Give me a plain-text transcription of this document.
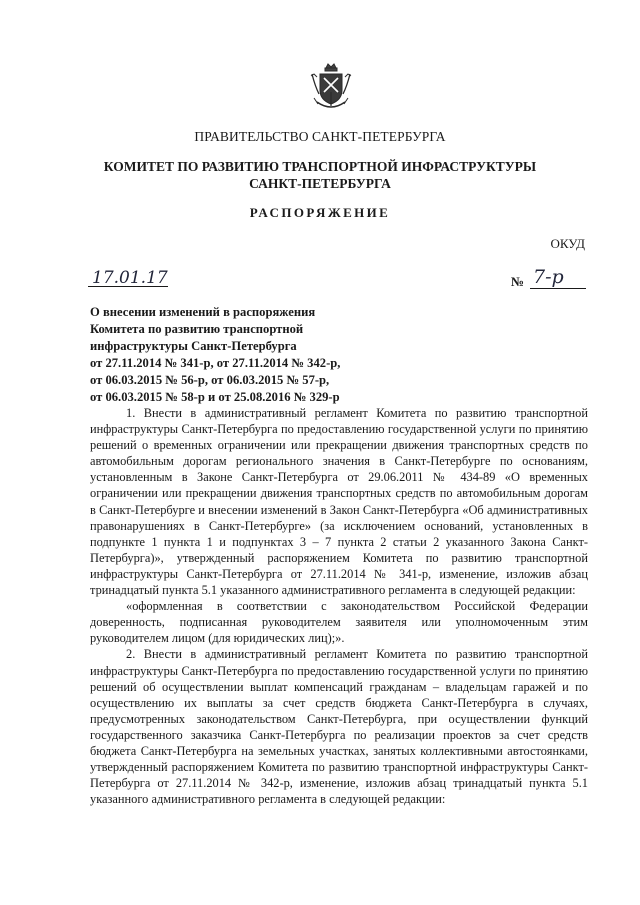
ПРАВИТЕЛЬСТВО САНКТ-ПЕТЕРБУРГА
КОМИТЕТ ПО РАЗВИТИЮ ТРАНСПОРТНОЙ ИНФРАСТРУКТУРЫ
САНКТ-ПЕТЕРБУРГА
РАСПОРЯЖЕНИЕ
ОКУД
17.01.17	№ 7-р
О внесении изменений в распоряжения
Комитета по развитию транспортной
инфраструктуры Санкт-Петербурга
от 27.11.2014 № 341-р, от 27.11.2014 № 342-р,
от 06.03.2015 № 56-р, от 06.03.2015 № 57-р,
от 06.03.2015 № 58-р и от 25.08.2016 № 329-р

1. Внести в административный регламент Комитета по развитию транспортной инфраструктуры Санкт-Петербурга по предоставлению государственной услуги по принятию решений о временных ограничении или прекращении движения транспортных средств по автомобильным дорогам регионального значения в Санкт-Петербурге по основаниям, установленным в Законе Санкт-Петербурга от 29.06.2011 № 434-89 «О временных ограничении или прекращении движения транспортных средств по автомобильным дорогам в Санкт-Петербурге и внесении изменений в Закон Санкт-Петербурга «Об административных правонарушениях в Санкт-Петербурге» (за исключением оснований, установленных в подпункте 1 пункта 1 и подпунктах 3 – 7 пункта 2 статьи 2 указанного Закона Санкт-Петербурга)», утвержденный распоряжением Комитета по развитию транспортной инфраструктуры Санкт-Петербурга от 27.11.2014 № 341-р, изменение, изложив абзац тринадцатый пункта 5.1 указанного административного регламента в следующей редакции:

«оформленная в соответствии с законодательством Российской Федерации доверенность, подписанная руководителем заявителя или уполномоченным этим руководителем лицом (для юридических лиц);».

2. Внести в административный регламент Комитета по развитию транспортной инфраструктуры Санкт-Петербурга по предоставлению государственной услуги по принятию решений об осуществлении выплат компенсаций гражданам – владельцам гаражей и по осуществлению их выплаты за счет средств бюджета Санкт-Петербурга в случаях, предусмотренных законодательством Санкт-Петербурга, при осуществлении функций государственного заказчика Санкт-Петербурга по реализации проектов за счет средств бюджета Санкт-Петербурга на земельных участках, занятых коллективными автостоянками, утвержденный распоряжением Комитета по развитию транспортной инфраструктуры Санкт-Петербурга от 27.11.2014 № 342-р, изменение, изложив абзац тринадцатый пункта 5.1 указанного административного регламента в следующей редакции:
